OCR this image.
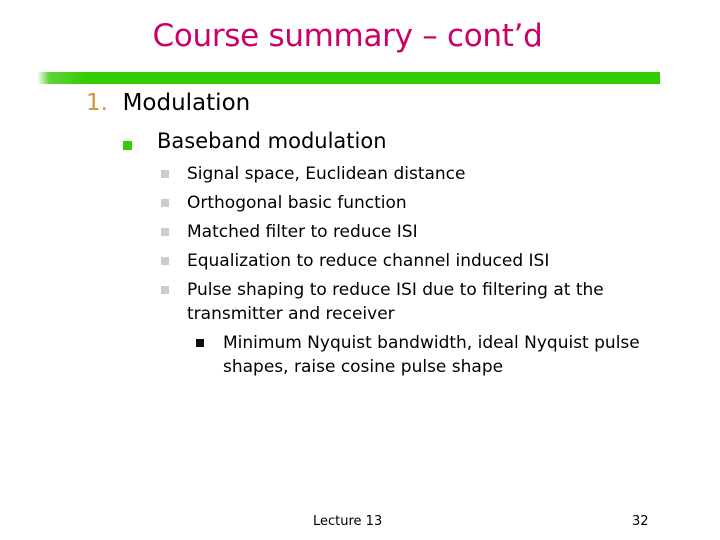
Course summary – cont’d
1. Modulation
Baseband modulation
Signal space, Euclidean distance
Orthogonal basic function
Matched filter to reduce ISI
Equalization to reduce channel induced ISI
Pulse shaping to reduce ISI due to filtering at the transmitter and receiver
Minimum Nyquist bandwidth, ideal Nyquist pulse shapes, raise cosine pulse shape
Lecture 13	32
